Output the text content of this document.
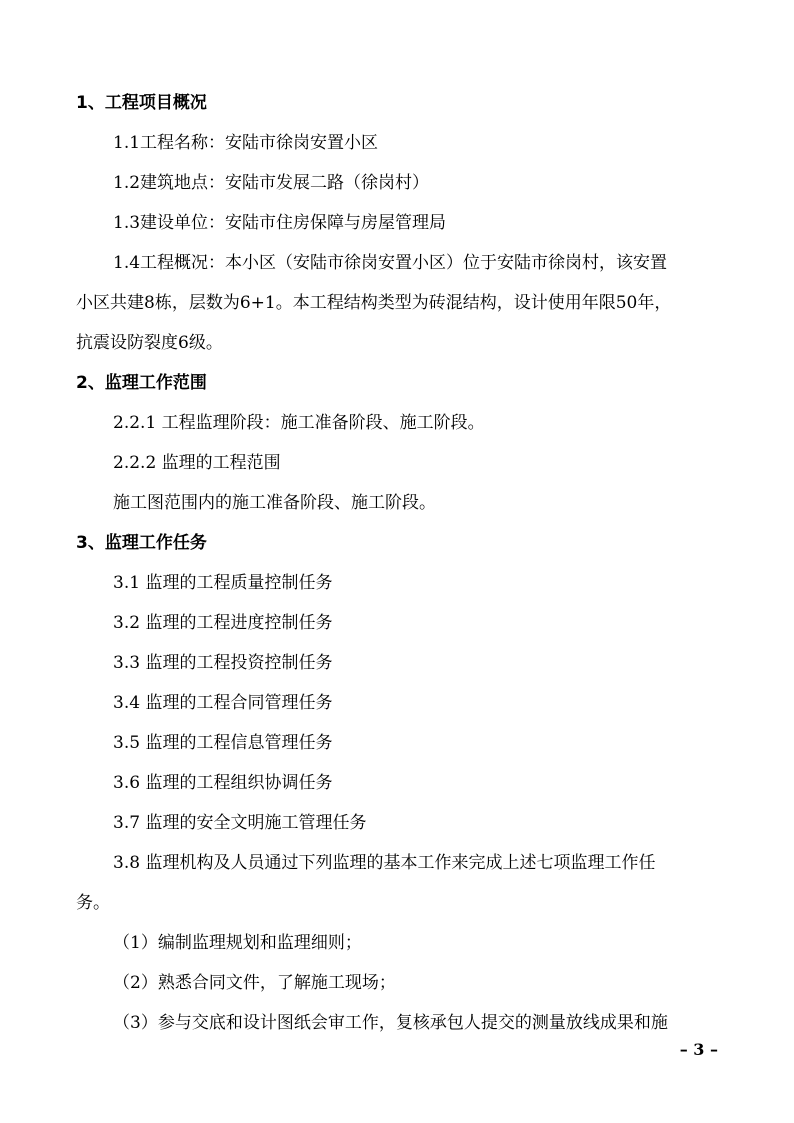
1、工程项目概况
1.1工程名称：安陆市徐岗安置小区
1.2建筑地点：安陆市发展二路（徐岗村）
1.3建设单位：安陆市住房保障与房屋管理局
1.4工程概况：本小区（安陆市徐岗安置小区）位于安陆市徐岗村，该安置
小区共建8栋，层数为6+1。本工程结构类型为砖混结构，设计使用年限50年，
抗震设防裂度6级。
2、监理工作范围
2.2.1 工程监理阶段：施工准备阶段、施工阶段。
2.2.2 监理的工程范围
施工图范围内的施工准备阶段、施工阶段。
3、监理工作任务
3.1 监理的工程质量控制任务
3.2 监理的工程进度控制任务
3.3 监理的工程投资控制任务
3.4 监理的工程合同管理任务
3.5 监理的工程信息管理任务
3.6 监理的工程组织协调任务
3.7 监理的安全文明施工管理任务
3.8 监理机构及人员通过下列监理的基本工作来完成上述七项监理工作任
务。
（1）编制监理规划和监理细则；
（2）熟悉合同文件，了解施工现场；
（3）参与交底和设计图纸会审工作，复核承包人提交的测量放线成果和施
– 3 –
